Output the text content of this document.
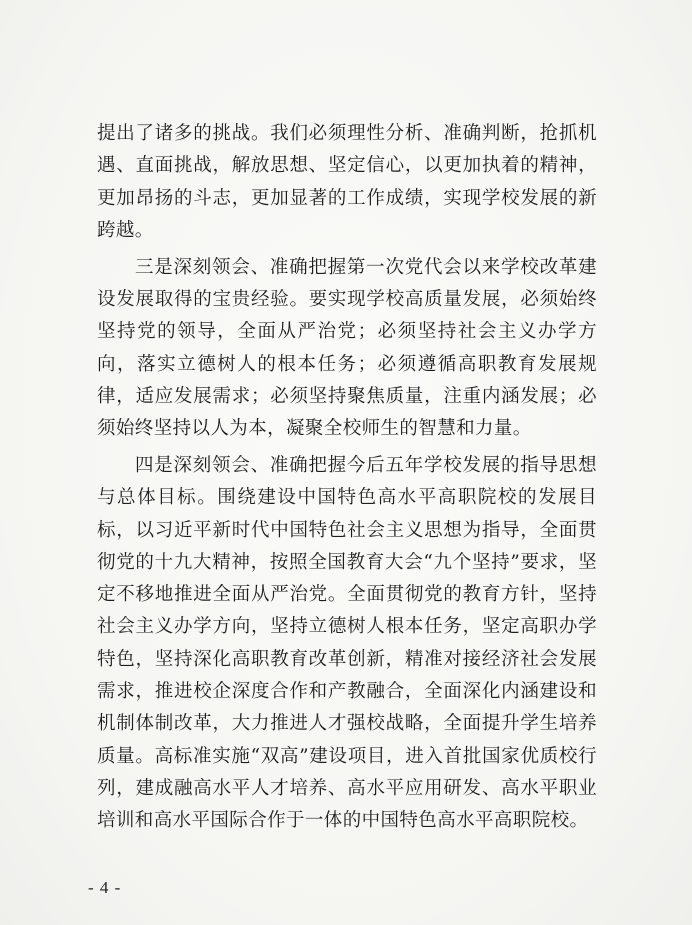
提出了诸多的挑战。我们必须理性分析、准确判断，抢抓机遇、直面挑战，解放思想、坚定信心，以更加执着的精神，更加昂扬的斗志，更加显著的工作成绩，实现学校发展的新跨越。

三是深刻领会、准确把握第一次党代会以来学校改革建设发展取得的宝贵经验。要实现学校高质量发展，必须始终坚持党的领导，全面从严治党；必须坚持社会主义办学方向，落实立德树人的根本任务；必须遵循高职教育发展规律，适应发展需求；必须坚持聚焦质量，注重内涵发展；必须始终坚持以人为本，凝聚全校师生的智慧和力量。

四是深刻领会、准确把握今后五年学校发展的指导思想与总体目标。围绕建设中国特色高水平高职院校的发展目标，以习近平新时代中国特色社会主义思想为指导，全面贯彻党的十九大精神，按照全国教育大会“九个坚持”要求，坚定不移地推进全面从严治党。全面贯彻党的教育方针，坚持社会主义办学方向，坚持立德树人根本任务，坚定高职办学特色，坚持深化高职教育改革创新，精准对接经济社会发展需求，推进校企深度合作和产教融合，全面深化内涵建设和机制体制改革，大力推进人才强校战略，全面提升学生培养质量。高标准实施“双高”建设项目，进入首批国家优质校行列，建成融高水平人才培养、高水平应用研发、高水平职业培训和高水平国际合作于一体的中国特色高水平高职院校。

- 4 -
